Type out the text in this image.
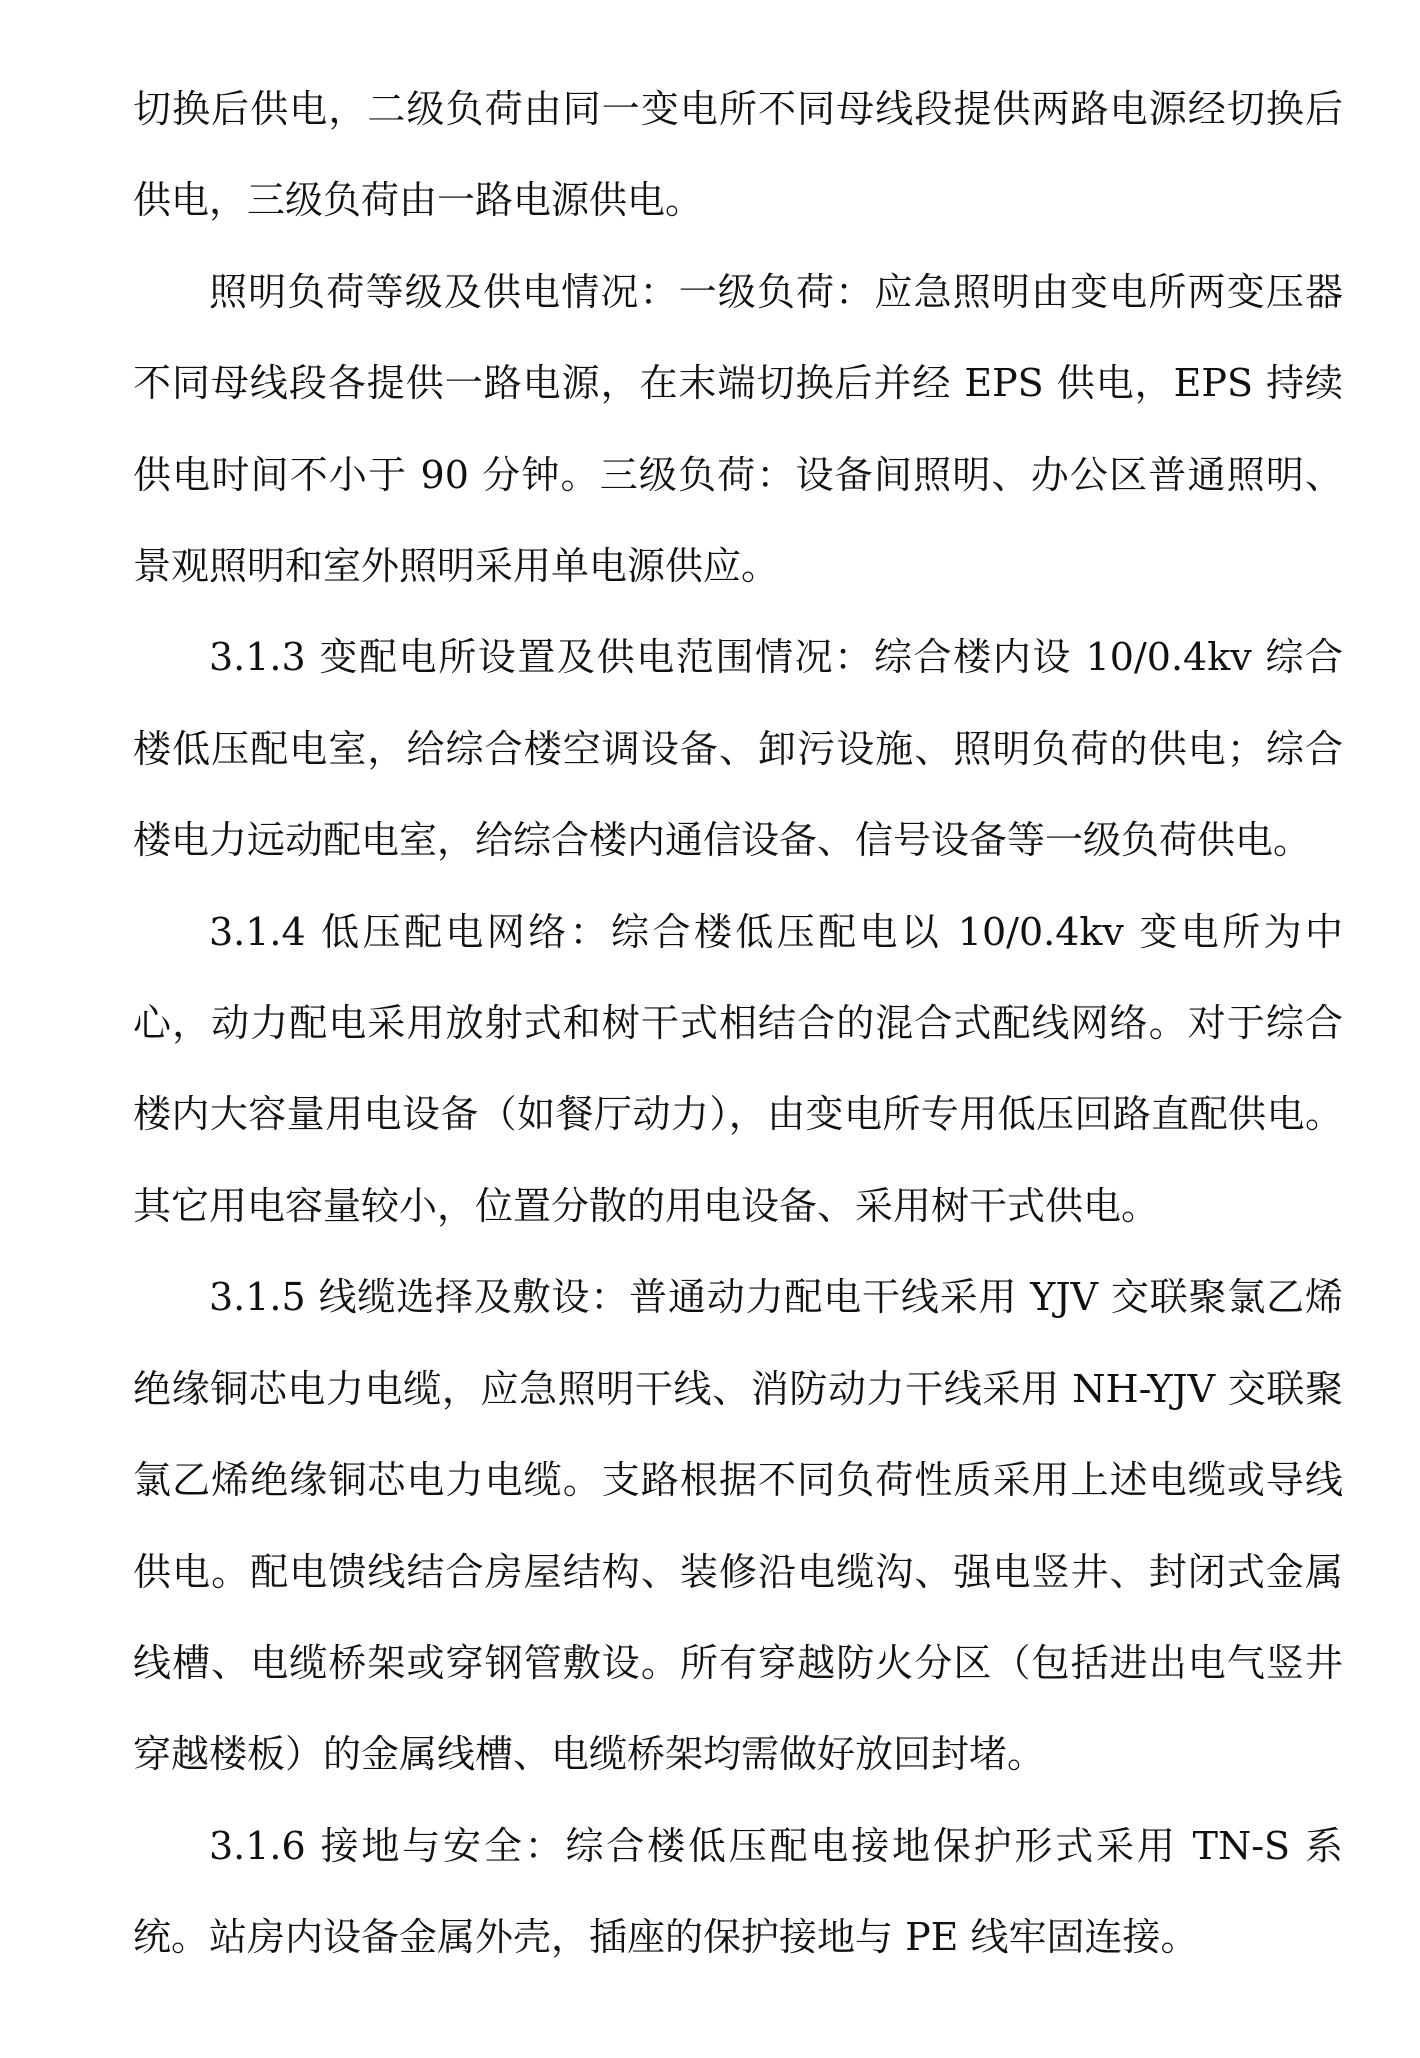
切换后供电，二级负荷由同一变电所不同母线段提供两路电源经切换后供电，三级负荷由一路电源供电。

照明负荷等级及供电情况：一级负荷：应急照明由变电所两变压器不同母线段各提供一路电源，在末端切换后并经 EPS 供电，EPS 持续供电时间不小于 90 分钟。三级负荷：设备间照明、办公区普通照明、景观照明和室外照明采用单电源供应。

3.1.3 变配电所设置及供电范围情况：综合楼内设 10/0.4kv 综合楼低压配电室，给综合楼空调设备、卸污设施、照明负荷的供电；综合楼电力远动配电室，给综合楼内通信设备、信号设备等一级负荷供电。

3.1.4 低压配电网络：综合楼低压配电以 10/0.4kv 变电所为中心，动力配电采用放射式和树干式相结合的混合式配线网络。对于综合楼内大容量用电设备（如餐厅动力），由变电所专用低压回路直配供电。其它用电容量较小，位置分散的用电设备、采用树干式供电。

3.1.5 线缆选择及敷设：普通动力配电干线采用 YJV 交联聚氯乙烯绝缘铜芯电力电缆，应急照明干线、消防动力干线采用 NH-YJV 交联聚氯乙烯绝缘铜芯电力电缆。支路根据不同负荷性质采用上述电缆或导线供电。配电馈线结合房屋结构、装修沿电缆沟、强电竖井、封闭式金属线槽、电缆桥架或穿钢管敷设。所有穿越防火分区（包括进出电气竖井穿越楼板）的金属线槽、电缆桥架均需做好放回封堵。

3.1.6 接地与安全：综合楼低压配电接地保护形式采用 TN-S 系统。站房内设备金属外壳，插座的保护接地与 PE 线牢固连接。
